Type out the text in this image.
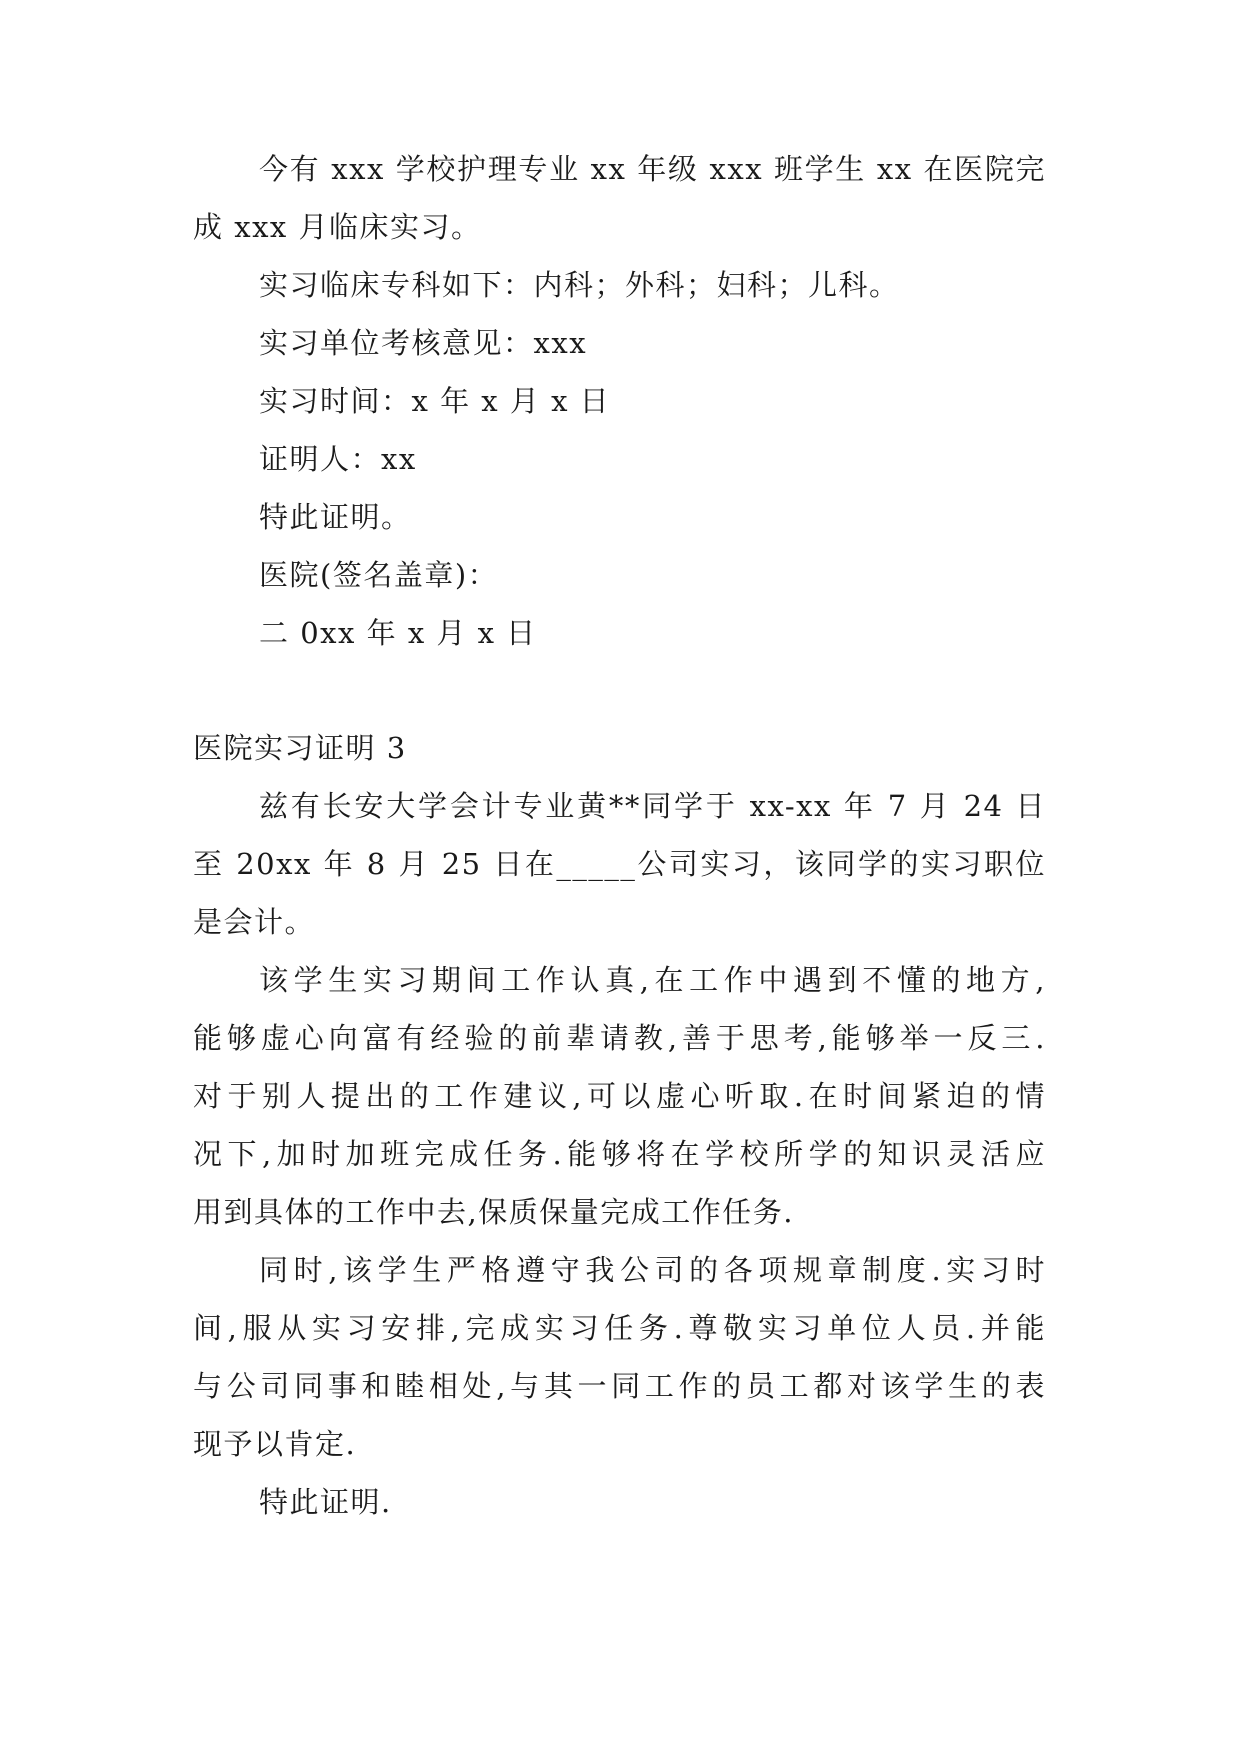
今有 xxx 学校护理专业 xx 年级 xxx 班学生 xx 在医院完
成 xxx 月临床实习。
实习临床专科如下：内科；外科；妇科；儿科。
实习单位考核意见：xxx
实习时间：x 年 x 月 x 日
证明人：xx
特此证明。
医院(签名盖章)：
二 0xx 年 x 月 x 日
医院实习证明 3
兹有长安大学会计专业黄**同学于 xx-xx 年 7 月 24 日
至 20xx 年 8 月 25 日在_____公司实习，该同学的实习职位
是会计。
该学生实习期间工作认真,在工作中遇到不懂的地方,
能够虚心向富有经验的前辈请教,善于思考,能够举一反三.
对于别人提出的工作建议,可以虚心听取.在时间紧迫的情
况下,加时加班完成任务.能够将在学校所学的知识灵活应
用到具体的工作中去,保质保量完成工作任务.
同时,该学生严格遵守我公司的各项规章制度.实习时
间,服从实习安排,完成实习任务.尊敬实习单位人员.并能
与公司同事和睦相处,与其一同工作的员工都对该学生的表
现予以肯定.
特此证明.
